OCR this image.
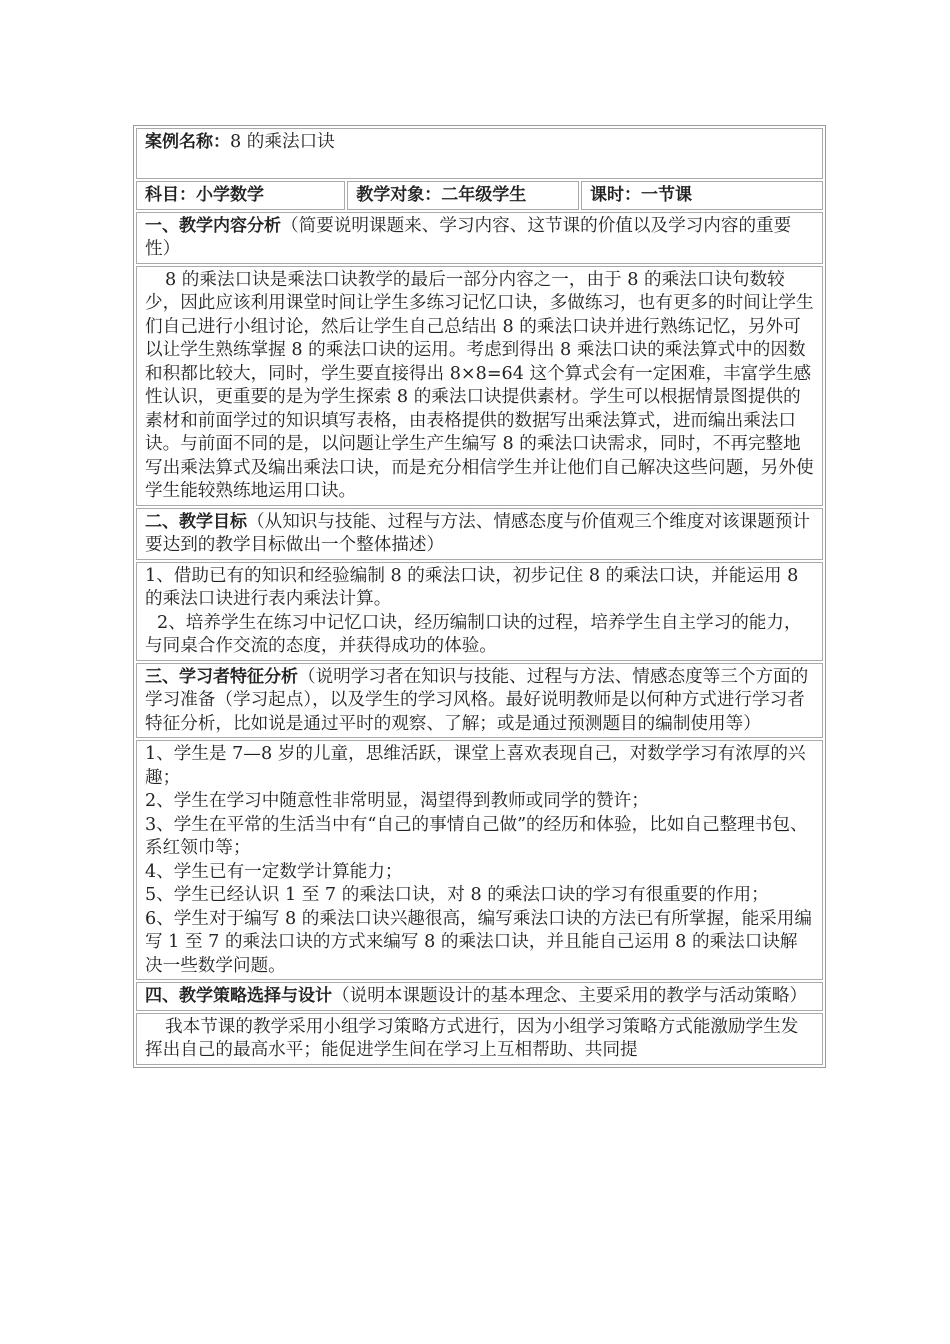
案例名称：8 的乘法口诀
科目：小学数学	教学对象：二年级学生	课时：一节课
一、教学内容分析（简要说明课题来、学习内容、这节课的价值以及学习内容的重要性）
8 的乘法口诀是乘法口诀教学的最后一部分内容之一，由于 8 的乘法口诀句数较少，因此应该利用课堂时间让学生多练习记忆口诀，多做练习，也有更多的时间让学生们自己进行小组讨论，然后让学生自己总结出 8 的乘法口诀并进行熟练记忆，另外可以让学生熟练掌握 8 的乘法口诀的运用。考虑到得出 8 乘法口诀的乘法算式中的因数和积都比较大，同时，学生要直接得出 8×8=64 这个算式会有一定困难，丰富学生感性认识，更重要的是为学生探索 8 的乘法口诀提供素材。学生可以根据情景图提供的素材和前面学过的知识填写表格，由表格提供的数据写出乘法算式，进而编出乘法口诀。与前面不同的是，以问题让学生产生编写 8 的乘法口诀需求，同时，不再完整地写出乘法算式及编出乘法口诀，而是充分相信学生并让他们自己解决这些问题，另外使学生能较熟练地运用口诀。
二、教学目标（从知识与技能、过程与方法、情感态度与价值观三个维度对该课题预计要达到的教学目标做出一个整体描述）

1、借助已有的知识和经验编制 8 的乘法口诀，初步记住 8 的乘法口诀，并能运用 8 的乘法口诀进行表内乘法计算。
2、培养学生在练习中记忆口诀，经历编制口诀的过程，培养学生自主学习的能力，与同桌合作交流的态度，并获得成功的体验。

三、学习者特征分析（说明学习者在知识与技能、过程与方法、情感态度等三个方面的学习准备（学习起点），以及学生的学习风格。最好说明教师是以何种方式进行学习者特征分析，比如说是通过平时的观察、了解；或是通过预测题目的编制使用等）

1、学生是 7—8 岁的儿童，思维活跃，课堂上喜欢表现自己，对数学学习有浓厚的兴趣；
2、学生在学习中随意性非常明显，渴望得到教师或同学的赞许；
3、学生在平常的生活当中有“自己的事情自己做”的经历和体验，比如自己整理书包、系红领巾等；
4、学生已有一定数学计算能力；
5、学生已经认识 1 至 7 的乘法口诀，对 8 的乘法口诀的学习有很重要的作用；
6、学生对于编写 8 的乘法口诀兴趣很高，编写乘法口诀的方法已有所掌握，能采用编写 1 至 7 的乘法口诀的方式来编写 8 的乘法口诀，并且能自己运用 8 的乘法口诀解决一些数学问题。

四、教学策略选择与设计（说明本课题设计的基本理念、主要采用的教学与活动策略）
我本节课的教学采用小组学习策略方式进行，因为小组学习策略方式能激励学生发挥出自己的最高水平；能促进学生间在学习上互相帮助、共同提
